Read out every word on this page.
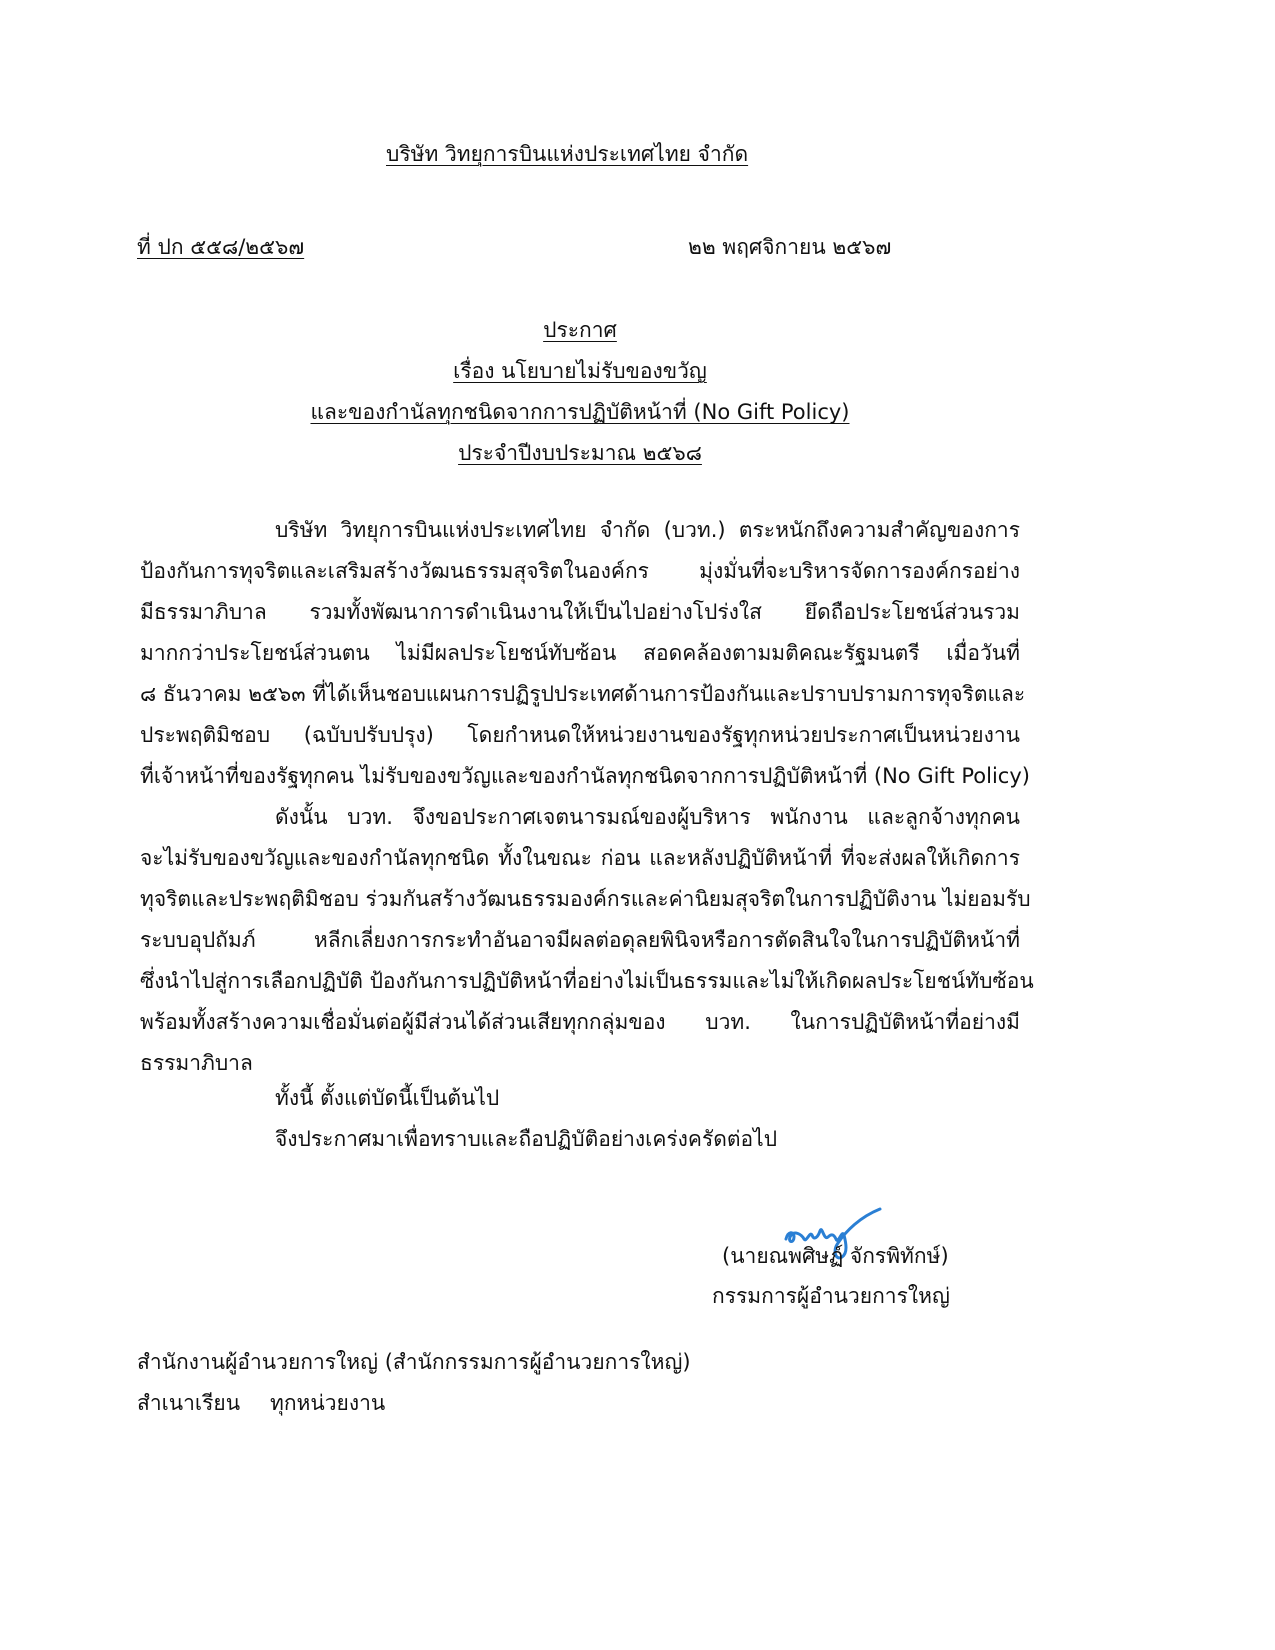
บริษัท วิทยุการบินแห่งประเทศไทย จำกัด
ที่ ปก ๕๕๘/๒๕๖๗	๒๒ พฤศจิกายน ๒๕๖๗
ประกาศ
เรื่อง นโยบายไม่รับของขวัญ
และของกำนัลทุกชนิดจากการปฏิบัติหน้าที่ (No Gift Policy)
ประจำปีงบประมาณ ๒๕๖๘
บริษัท วิทยุการบินแห่งประเทศไทย จำกัด (บวท.) ตระหนักถึงความสำคัญของการ
ป้องกันการทุจริตและเสริมสร้างวัฒนธรรมสุจริตในองค์กร มุ่งมั่นที่จะบริหารจัดการองค์กรอย่าง
มีธรรมาภิบาล รวมทั้งพัฒนาการดำเนินงานให้เป็นไปอย่างโปร่งใส ยึดถือประโยชน์ส่วนรวม
มากกว่าประโยชน์ส่วนตน ไม่มีผลประโยชน์ทับซ้อน สอดคล้องตามมติคณะรัฐมนตรี เมื่อวันที่
๘ ธันวาคม ๒๕๖๓ ที่ได้เห็นชอบแผนการปฏิรูปประเทศด้านการป้องกันและปราบปรามการทุจริตและ
ประพฤติมิชอบ (ฉบับปรับปรุง) โดยกำหนดให้หน่วยงานของรัฐทุกหน่วยประกาศเป็นหน่วยงาน
ที่เจ้าหน้าที่ของรัฐทุกคน ไม่รับของขวัญและของกำนัลทุกชนิดจากการปฏิบัติหน้าที่ (No Gift Policy)
ดังนั้น บวท. จึงขอประกาศเจตนารมณ์ของผู้บริหาร พนักงาน และลูกจ้างทุกคน
จะไม่รับของขวัญและของกำนัลทุกชนิด ทั้งในขณะ ก่อน และหลังปฏิบัติหน้าที่ ที่จะส่งผลให้เกิดการ
ทุจริตและประพฤติมิชอบ ร่วมกันสร้างวัฒนธรรมองค์กรและค่านิยมสุจริตในการปฏิบัติงาน ไม่ยอมรับ
ระบบอุปถัมภ์ หลีกเลี่ยงการกระทำอันอาจมีผลต่อดุลยพินิจหรือการตัดสินใจในการปฏิบัติหน้าที่
ซึ่งนำไปสู่การเลือกปฏิบัติ ป้องกันการปฏิบัติหน้าที่อย่างไม่เป็นธรรมและไม่ให้เกิดผลประโยชน์ทับซ้อน
พร้อมทั้งสร้างความเชื่อมั่นต่อผู้มีส่วนได้ส่วนเสียทุกกลุ่มของ บวท. ในการปฏิบัติหน้าที่อย่างมี
ธรรมาภิบาล
ทั้งนี้ ตั้งแต่บัดนี้เป็นต้นไป
จึงประกาศมาเพื่อทราบและถือปฏิบัติอย่างเคร่งครัดต่อไป
(นายณพศิษฏ์ จักรพิทักษ์)
กรรมการผู้อำนวยการใหญ่
สำนักงานผู้อำนวยการใหญ่ (สำนักกรรมการผู้อำนวยการใหญ่)
สำเนาเรียน ทุกหน่วยงาน
